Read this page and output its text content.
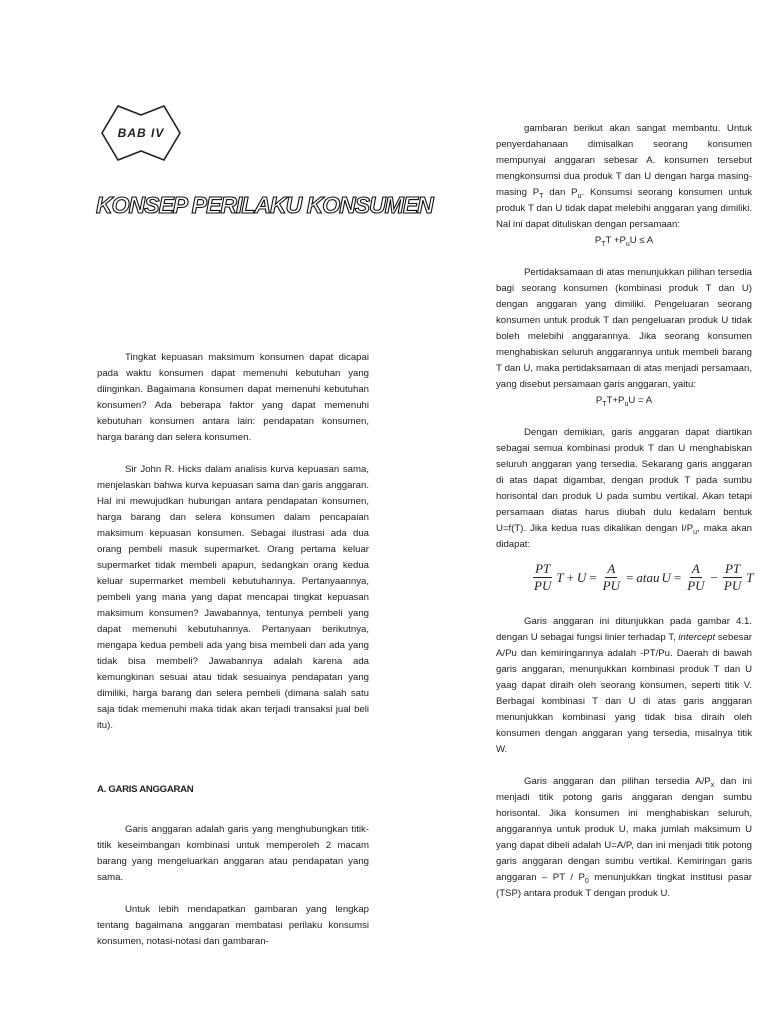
BAB IV
KONSEP PERILAKU KONSUMEN

Tingkat kepuasan maksimum konsumen dapat dicapai pada waktu konsumen dapat memenuhi kebutuhan yang diinginkan. Bagaimana konsumen dapat memenuhi kebutuhan konsumen? Ada beberapa faktor yang dapat memenuhi kebutuhan konsumen antara lain: pendapatan konsumen, harga barang dan selera konsumen.

Sir John R. Hicks dalam analisis kurva kepuasan sama, menjelaskan bahwa kurva kepuasan sama dan garis anggaran. Hal ini mewujudkan hubungan antara pendapatan konsumen, harga barang dan selera konsumen dalam pencapaian maksimum kepuasan konsumen. Sebagai ilustrasi ada dua orang pembeli masuk supermarket. Orang pertama keluar supermarket tidak membeli apapun, sedangkan orang kedua keluar supermarket membeli kebutuhannya. Pertanyaannya, pembeli yang mana yang dapat mencapai tingkat kepuasan maksimum konsumen? Jawabannya, tentunya pembeli yang dapat memenuhi kebutuhannya. Pertanyaan berikutnya, mengapa kedua pembeli ada yang bisa membeli dan ada yang tidak bisa membeli? Jawabannya adalah karena ada kemungkinan sesuai atau tidak sesuainya pendapatan yang dimiliki, harga barang dan selera pembeli (dimana salah satu saja tidak memenuhi maka tidak akan terjadi transaksi jual beli itu).

A. GARIS ANGGARAN

Garis anggaran adalah garis yang menghubungkan titik-titik keseimbangan kombinasi untuk memperoleh 2 macam barang yang mengeluarkan anggaran atau pendapatan yang sama.

Untuk lebih mendapatkan gambaran yang lengkap tentang bagaimana anggaran membatasi perilaku konsumsi konsumen, notasi-notasi dan gambaran-

gambaran berikut akan sangat membantu. Untuk penyerdahanaan dimisalkan seorang konsumen mempunyai anggaran sebesar A. konsumen tersebut mengkonsumsi dua produk T dan U dengan harga masing-masing $P_T$ dan $P_u$. Konsumsi seorang konsumen untuk produk T dan U tidak dapat melebihi anggaran yang dimiliki. Nal ini dapat dituliskan dengan persamaan:

$P_TT +P_uU \le A$

Pertidaksamaan di atas menunjukkan pilihan tersedia bagi seorang konsumen (kombinasi produk T dan U) dengan anggaran yang dimiliki. Pengeluaran seorang konsumen untuk produk T dan pengeluaran produk U tidak boleh melebihi anggarannya. Jika seorang konsumen menghabiskan seluruh anggarannya untuk membeli barang T dan U, maka pertidaksamaan di atas menjadi persamaan, yang disebut persamaan garis anggaran, yaitu:

$P_TT+P_uU = A$

Dengan demikian, garis anggaran dapat diartikan sebagai semua kombinasi produk T dan U menghabiskan seluruh anggaran yang tersedia. Sekarang garis anggaran di atas dapat digambar, dengan produk T pada sumbu horisontal dan produk U pada sumbu vertikal. Akan tetapi persamaan diatas harus diubah dulu kedalam bentuk U=f(T). Jika kedua ruas dikalikan dengan $I/P_u$, maka akan didapat:

$\frac{PT}{PU}$ $T + U = \frac{A}{PU}$ = atau $U = \frac{A}{PU} - \frac{PT}{PU}$ T

Garis anggaran ini ditunjukkan pada gambar 4.1. dengan U sebagai fungsi linier terhadap T, intercept sebesar A/Pu dan kemiringannya adalah -PT/Pu. Daerah di bawah garis anggaran, menunjukkan kombinasi produk T dan U yaag dapat diraih oleh seorang konsumen, seperti titik V. Berbagai kombinasi T dan U di atas garis anggaran menunjukkan kombinasi yang tidak bisa diraih oleh konsumen dengan anggaran yang tersedia, misalnya titik W.

Garis anggaran dan pilihan tersedia $A/P_x$ dan ini menjadi titik potong garis anggaran dengan sumbu horisontal. Jika konsumen ini menghabiskan seluruh, anggarannya untuk produk U, maka jumlah maksimum U yang dapat dibeli adalah U=A/P, dan ini menjadi titik potong garis anggaran dengan sumbu vertikal. Kemiringan garis anggaran – PT / $P_0$ menunjukkan tingkat institusi pasar (TSP) antara produk T dengan produk U.
